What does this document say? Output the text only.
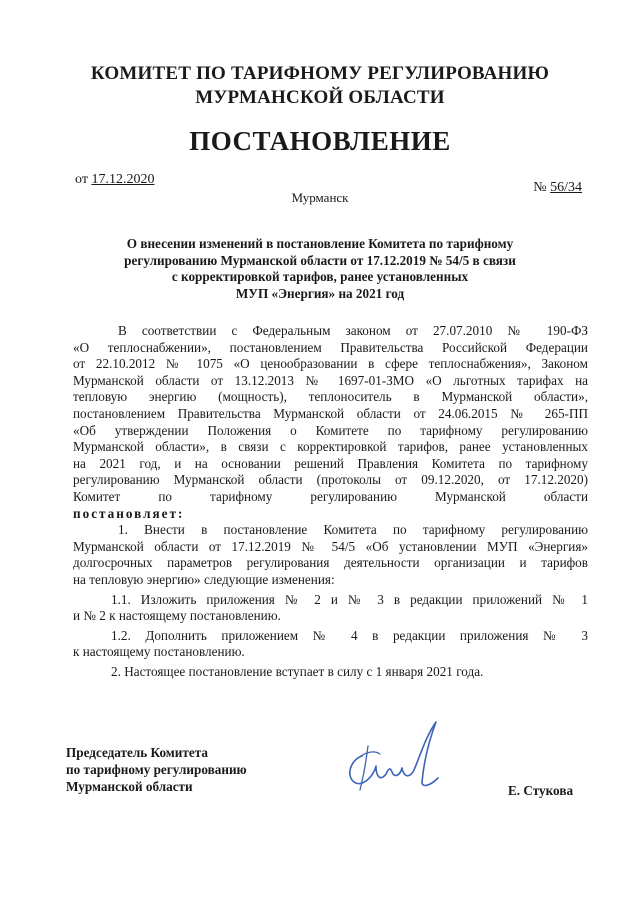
КОМИТЕТ ПО ТАРИФНОМУ РЕГУЛИРОВАНИЮ
МУРМАНСКОЙ ОБЛАСТИ
ПОСТАНОВЛЕНИЕ
от 17.12.2020
№ 56/34
Мурманск
О внесении изменений в постановление Комитета по тарифному
регулированию Мурманской области от 17.12.2019 № 54/5 в связи
с корректировкой тарифов, ранее установленных
МУП «Энергия» на 2021 год
В соответствии с Федеральным законом от 27.07.2010 № 190-ФЗ
«О теплоснабжении», постановлением Правительства Российской Федерации
от 22.10.2012 № 1075 «О ценообразовании в сфере теплоснабжения», Законом
Мурманской области от 13.12.2013 № 1697-01-ЗМО «О льготных тарифах на
тепловую энергию (мощность), теплоноситель в Мурманской области»,
постановлением Правительства Мурманской области от 24.06.2015 № 265-ПП
«Об утверждении Положения о Комитете по тарифному регулированию
Мурманской области», в связи с корректировкой тарифов, ранее установленных
на 2021 год, и на основании решений Правления Комитета по тарифному
регулированию Мурманской области (протоколы от 09.12.2020, от 17.12.2020)
Комитет по тарифному регулированию Мурманской области
постановляет:
1. Внести в постановление Комитета по тарифному регулированию
Мурманской области от 17.12.2019 № 54/5 «Об установлении МУП «Энергия»
долгосрочных параметров регулирования деятельности организации и тарифов
на тепловую энергию» следующие изменения:
1.1. Изложить приложения № 2 и № 3 в редакции приложений № 1
и № 2 к настоящему постановлению.
1.2. Дополнить приложением № 4 в редакции приложения № 3
к настоящему постановлению.
2. Настоящее постановление вступает в силу с 1 января 2021 года.
Председатель Комитета
по тарифному регулированию
Мурманской области	Е. Стукова
